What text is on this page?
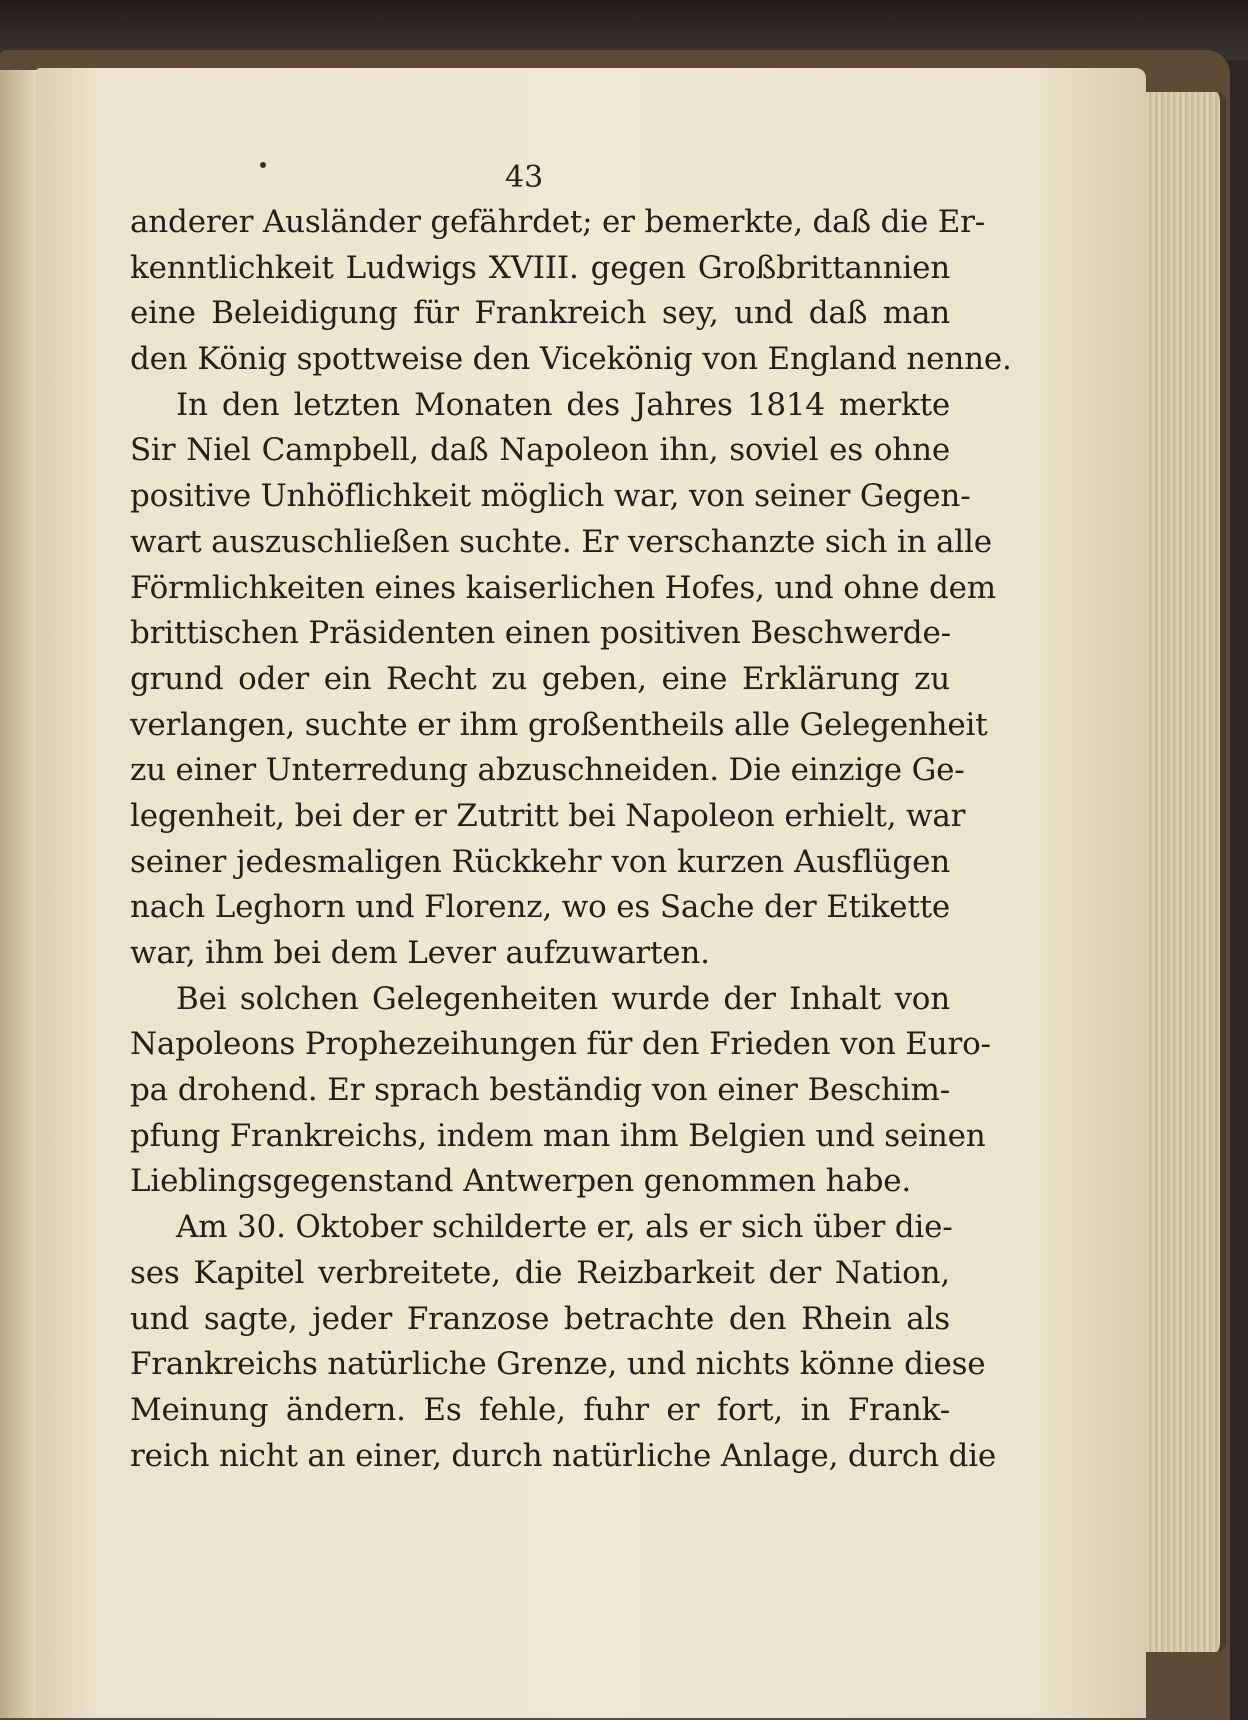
43
anderer Ausländer gefährdet; er bemerkte, daß die Er-
kenntlichkeit Ludwigs XVIII. gegen Großbrittannien
eine Beleidigung für Frankreich sey, und daß man
den König spottweise den Vicekönig von England nenne.
In den letzten Monaten des Jahres 1814 merkte
Sir Niel Campbell, daß Napoleon ihn, soviel es ohne
positive Unhöflichkeit möglich war, von seiner Gegen-
wart auszuschließen suchte. Er verschanzte sich in alle
Förmlichkeiten eines kaiserlichen Hofes, und ohne dem
brittischen Präsidenten einen positiven Beschwerde-
grund oder ein Recht zu geben, eine Erklärung zu
verlangen, suchte er ihm großentheils alle Gelegenheit
zu einer Unterredung abzuschneiden. Die einzige Ge-
legenheit, bei der er Zutritt bei Napoleon erhielt, war
seiner jedesmaligen Rückkehr von kurzen Ausflügen
nach Leghorn und Florenz, wo es Sache der Etikette
war, ihm bei dem Lever aufzuwarten.
Bei solchen Gelegenheiten wurde der Inhalt von
Napoleons Prophezeihungen für den Frieden von Euro-
pa drohend. Er sprach beständig von einer Beschim-
pfung Frankreichs, indem man ihm Belgien und seinen
Lieblingsgegenstand Antwerpen genommen habe.
Am 30. Oktober schilderte er, als er sich über die-
ses Kapitel verbreitete, die Reizbarkeit der Nation,
und sagte, jeder Franzose betrachte den Rhein als
Frankreichs natürliche Grenze, und nichts könne diese
Meinung ändern. Es fehle, fuhr er fort, in Frank-
reich nicht an einer, durch natürliche Anlage, durch die
